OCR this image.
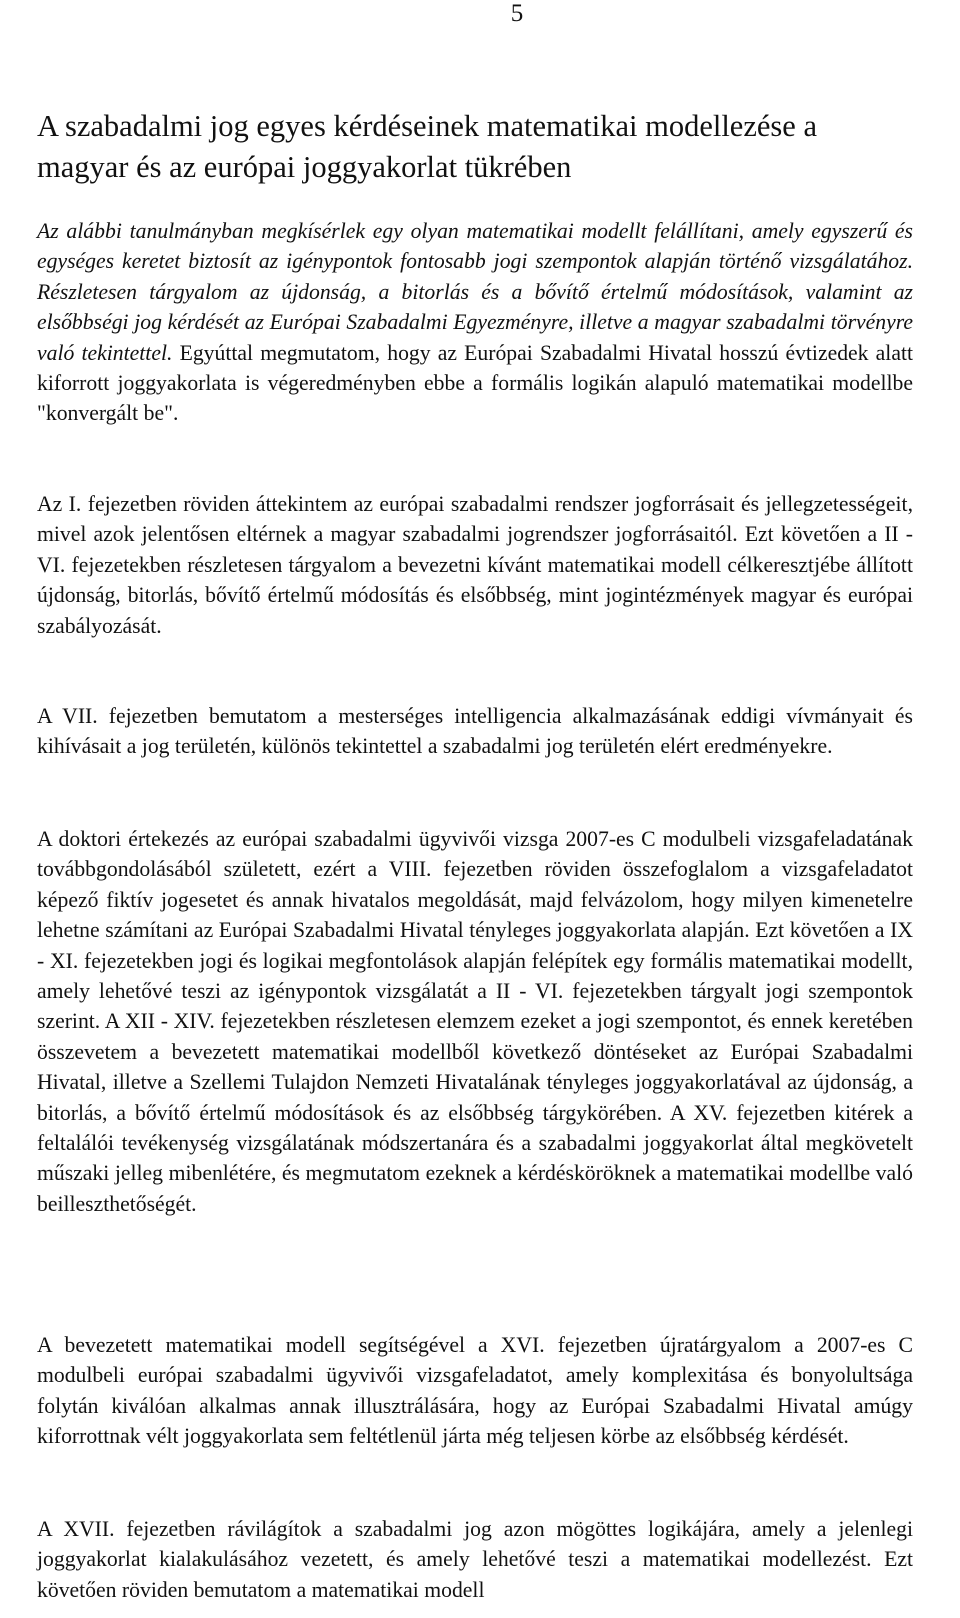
5
A szabadalmi jog egyes kérdéseinek matematikai modellezése a magyar és az európai joggyakorlat tükrében

Az alábbi tanulmányban megkísérlek egy olyan matematikai modellt felállítani, amely egyszerű és egységes keretet biztosít az igénypontok fontosabb jogi szempontok alapján történő vizsgálatához. Részletesen tárgyalom az újdonság, a bitorlás és a bővítő értelmű módosítások, valamint az elsőbbségi jog kérdését az Európai Szabadalmi Egyezményre, illetve a magyar szabadalmi törvényre való tekintettel. Egyúttal megmutatom, hogy az Európai Szabadalmi Hivatal hosszú évtizedek alatt kiforrott joggyakorlata is végeredményben ebbe a formális logikán alapuló matematikai modellbe "konvergált be".

Az I. fejezetben röviden áttekintem az európai szabadalmi rendszer jogforrásait és jellegzetességeit, mivel azok jelentősen eltérnek a magyar szabadalmi jogrendszer jogforrásaitól. Ezt követően a II - VI. fejezetekben részletesen tárgyalom a bevezetni kívánt matematikai modell célkeresztjébe állított újdonság, bitorlás, bővítő értelmű módosítás és elsőbbség, mint jogintézmények magyar és európai szabályozását.

A VII. fejezetben bemutatom a mesterséges intelligencia alkalmazásának eddigi vívmányait és kihívásait a jog területén, különös tekintettel a szabadalmi jog területén elért eredményekre.

A doktori értekezés az európai szabadalmi ügyvivői vizsga 2007-es C modulbeli vizsgafeladatának továbbgondolásából született, ezért a VIII. fejezetben röviden összefoglalom a vizsgafeladatot képező fiktív jogesetet és annak hivatalos megoldását, majd felvázolom, hogy milyen kimenetelre lehetne számítani az Európai Szabadalmi Hivatal tényleges joggyakorlata alapján. Ezt követően a IX - XI. fejezetekben jogi és logikai megfontolások alapján felépítek egy formális matematikai modellt, amely lehetővé teszi az igénypontok vizsgálatát a II - VI. fejezetekben tárgyalt jogi szempontok szerint. A XII - XIV. fejezetekben részletesen elemzem ezeket a jogi szempontot, és ennek keretében összevetem a bevezetett matematikai modellből következő döntéseket az Európai Szabadalmi Hivatal, illetve a Szellemi Tulajdon Nemzeti Hivatalának tényleges joggyakorlatával az újdonság, a bitorlás, a bővítő értelmű módosítások és az elsőbbség tárgykörében. A XV. fejezetben kitérek a feltalálói tevékenység vizsgálatának módszertanára és a szabadalmi joggyakorlat által megkövetelt műszaki jelleg mibenlétére, és megmutatom ezeknek a kérdésköröknek a matematikai modellbe való beilleszthetőségét.

A bevezetett matematikai modell segítségével a XVI. fejezetben újratárgyalom a 2007-es C modulbeli európai szabadalmi ügyvivői vizsgafeladatot, amely komplexitása és bonyolultsága folytán kiválóan alkalmas annak illusztrálására, hogy az Európai Szabadalmi Hivatal amúgy kiforrottnak vélt joggyakorlata sem feltétlenül járta még teljesen körbe az elsőbbség kérdését.

A XVII. fejezetben rávilágítok a szabadalmi jog azon mögöttes logikájára, amely a jelenlegi joggyakorlat kialakulásához vezetett, és amely lehetővé teszi a matematikai modellezést. Ezt követően röviden bemutatom a matematikai modell
